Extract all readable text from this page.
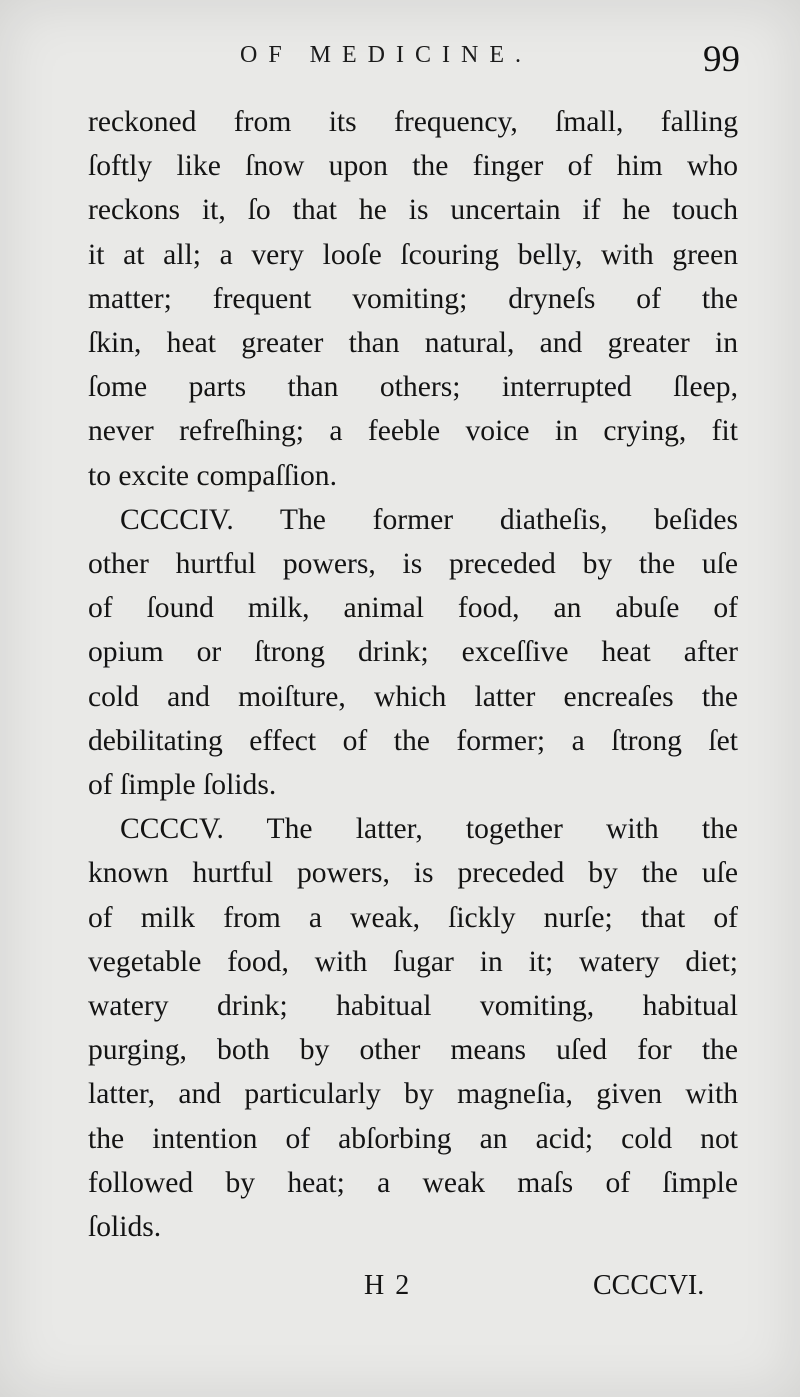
OF MEDICINE.	99
reckoned from its frequency, ſmall, falling
ſoftly like ſnow upon the finger of him who
reckons it, ſo that he is uncertain if he touch
it at all; a very looſe ſcouring belly, with green
matter; frequent vomiting; dryneſs of the
ſkin, heat greater than natural, and greater in
ſome parts than others; interrupted ſleep,
never refreſhing; a feeble voice in crying, fit
to excite compaſſion.
CCCCIV. The former diatheſis, beſides
other hurtful powers, is preceded by the uſe
of ſound milk, animal food, an abuſe of
opium or ſtrong drink; exceſſive heat after
cold and moiſture, which latter encreaſes the
debilitating effect of the former; a ſtrong ſet
of ſimple ſolids.
CCCCV. The latter, together with the
known hurtful powers, is preceded by the uſe
of milk from a weak, ſickly nurſe; that of
vegetable food, with ſugar in it; watery diet;
watery drink; habitual vomiting, habitual
purging, both by other means uſed for the
latter, and particularly by magneſia, given with
the intention of abſorbing an acid; cold not
followed by heat; a weak maſs of ſimple
ſolids.
H 2	CCCCVI.
